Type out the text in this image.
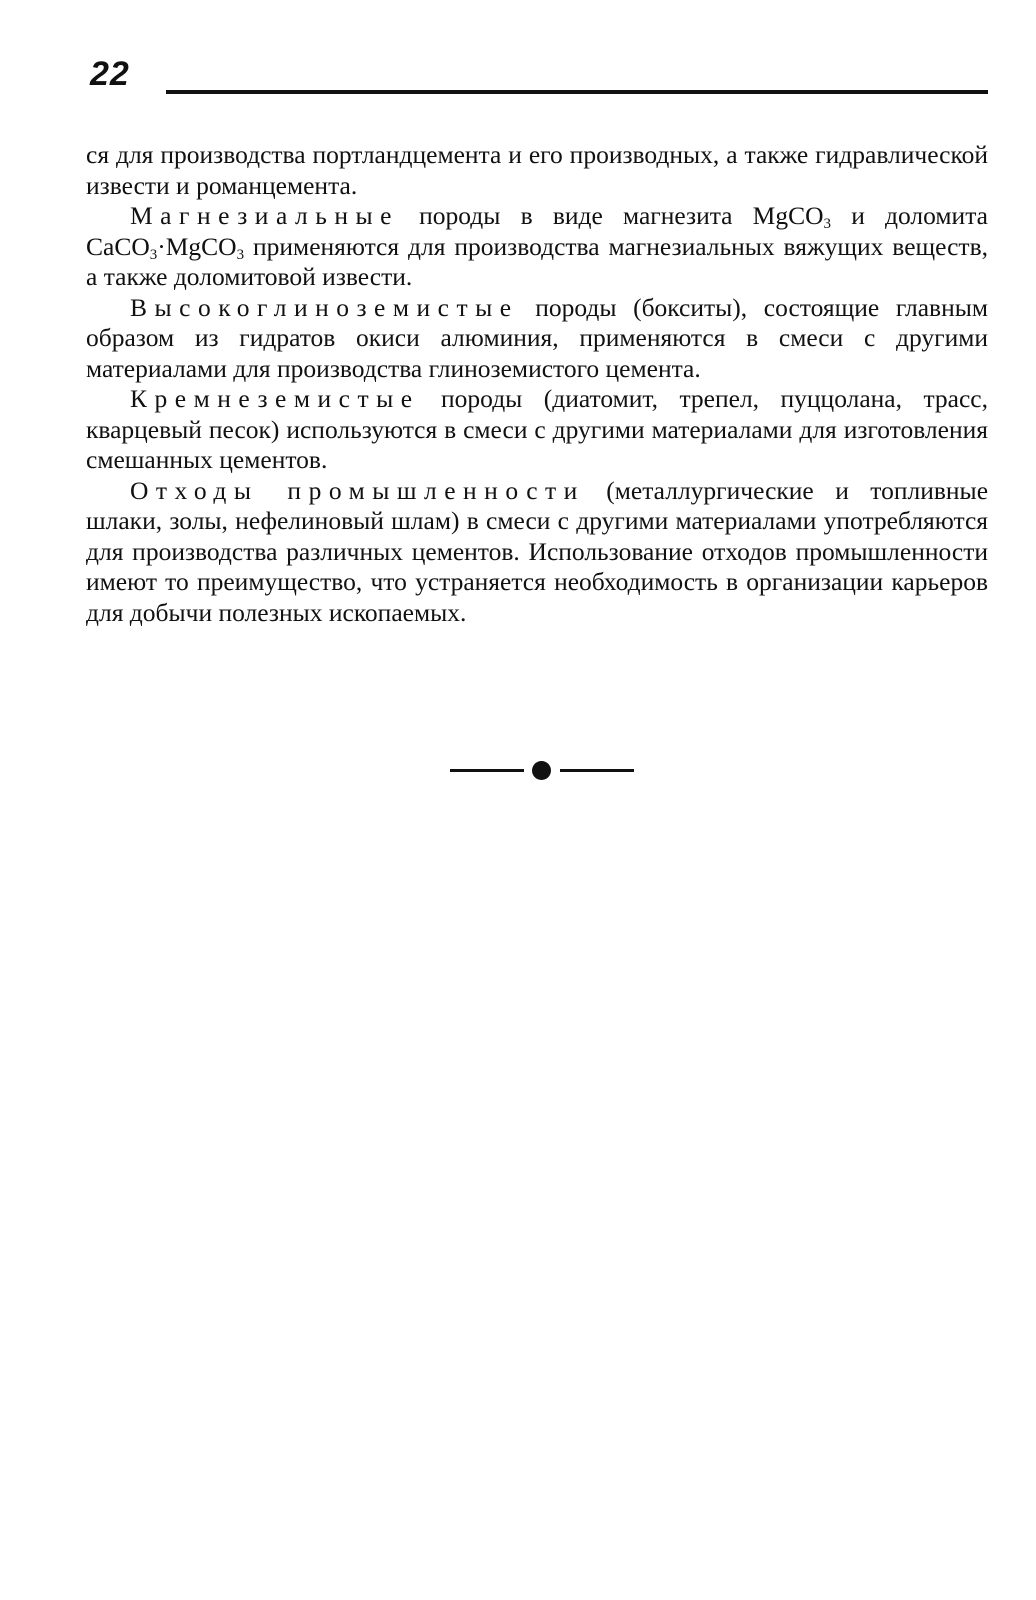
22

ся для производства портландцемента и его производных, а также гидравлической извести и романцемента.

Магнезиальные породы в виде магнезита MgCO$_3$ и доломита CaCO$_3$·MgCO$_3$ применяются для производства магнезиальных вяжущих веществ, а также доломитовой извести.

Высокоглиноземистые породы (бокситы), состоящие главным образом из гидратов окиси алюминия, применяются в смеси с другими материалами для производства глиноземистого цемента.

Кремнеземистые породы (диатомит, трепел, пуццолана, трасс, кварцевый песок) используются в смеси с другими материалами для изготовления смешанных цементов.

Отходы промышленности (металлургические и топливные шлаки, золы, нефелиновый шлам) в смеси с другими материалами употребляются для производства различных цементов. Использование отходов промышленности имеют то преимущество, что устраняется необходимость в организации карьеров для добычи полезных ископаемых.
